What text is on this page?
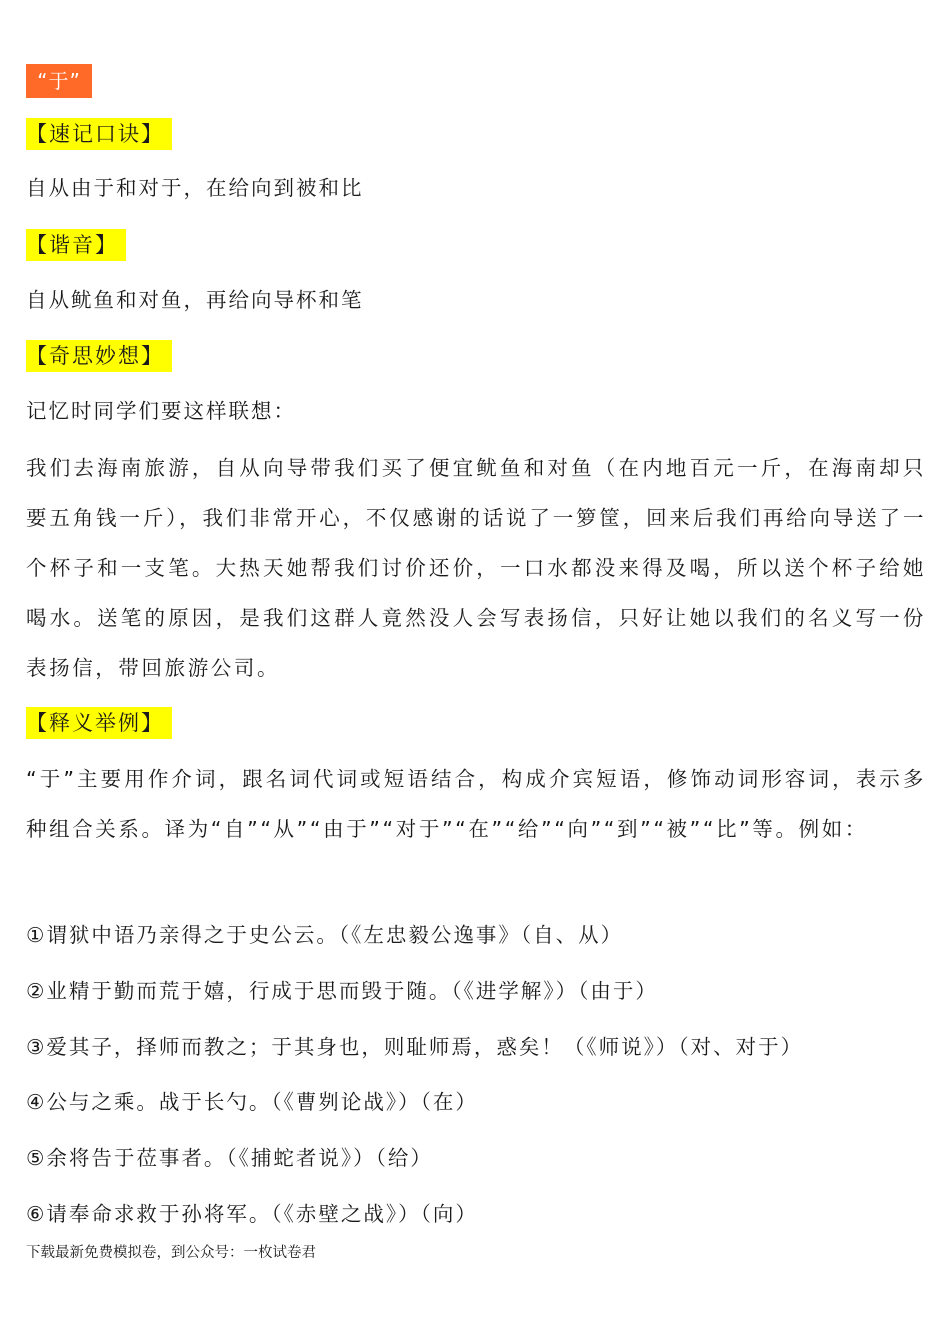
“于”
【速记口诀】
自从由于和对于，在给向到被和比
【谐音】
自从鱿鱼和对鱼，再给向导杯和笔
【奇思妙想】
记忆时同学们要这样联想：
我们去海南旅游，自从向导带我们买了便宜鱿鱼和对鱼（在内地百元一斤，在海南却只要五角钱一斤），我们非常开心，不仅感谢的话说了一箩筐，回来后我们再给向导送了一个杯子和一支笔。大热天她帮我们讨价还价，一口水都没来得及喝，所以送个杯子给她喝水。送笔的原因，是我们这群人竟然没人会写表扬信，只好让她以我们的名义写一份表扬信，带回旅游公司。
【释义举例】
“于”主要用作介词，跟名词代词或短语结合，构成介宾短语，修饰动词形容词，表示多种组合关系。译为“自”“从”“由于”“对于”“在”“给”“向”“到”“被”“比”等。例如：
①谓狱中语乃亲得之于史公云。（《左忠毅公逸事》（自、从）
②业精于勤而荒于嬉，行成于思而毁于随。（《进学解》）（由于）
③爱其子，择师而教之；于其身也，则耻师焉，惑矣！（《师说》）（对、对于）
④公与之乘。战于长勺。（《曹刿论战》）（在）
⑤余将告于莅事者。（《捕蛇者说》）（给）
⑥请奉命求救于孙将军。（《赤壁之战》）（向）
下载最新免费模拟卷，到公众号：一枚试卷君
